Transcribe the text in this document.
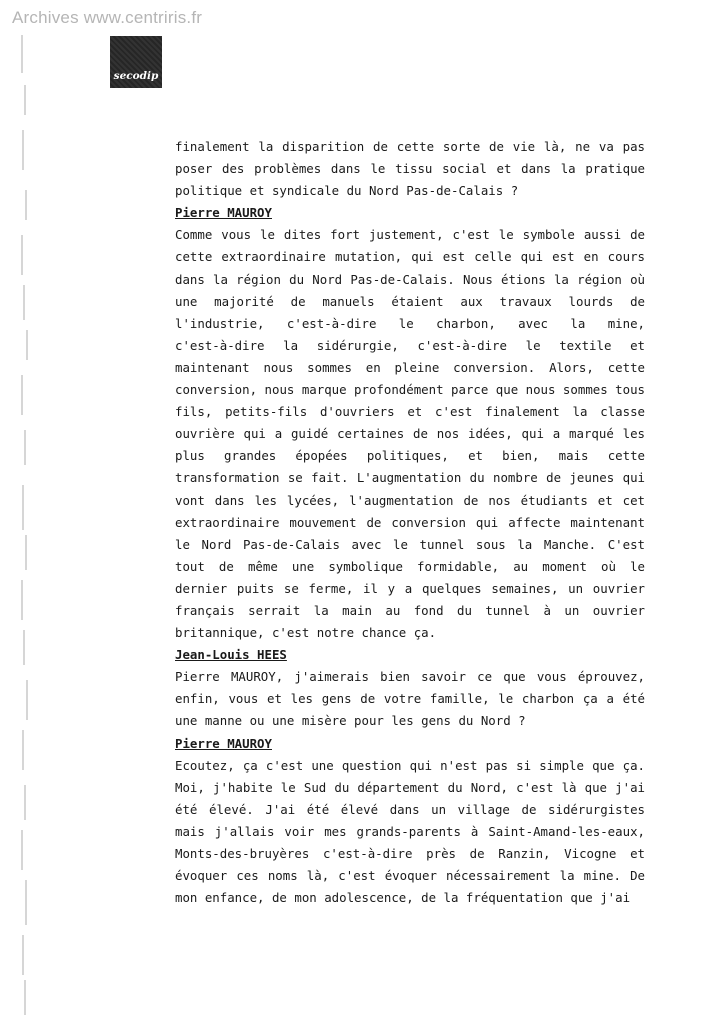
Archives www.centriris.fr
secodip
finalement la disparition de cette sorte de vie là, ne va pas
poser des problèmes dans le tissu social et dans la pratique
politique et syndicale du Nord Pas-de-Calais ?
Pierre MAUROY
Comme vous le dites fort justement, c'est le symbole aussi de
cette extraordinaire mutation, qui est celle qui est en cours
dans la région du Nord Pas-de-Calais. Nous étions la région où
une majorité de manuels étaient aux travaux lourds de
l'industrie, c'est-à-dire le charbon, avec la mine,
c'est-à-dire la sidérurgie, c'est-à-dire le textile et
maintenant nous sommes en pleine conversion. Alors, cette
conversion, nous marque profondément parce que nous sommes tous
fils, petits-fils d'ouvriers et c'est finalement la classe
ouvrière qui a guidé certaines de nos idées, qui a marqué les
plus grandes épopées politiques, et bien, mais cette
transformation se fait. L'augmentation du nombre de jeunes qui
vont dans les lycées, l'augmentation de nos étudiants et cet
extraordinaire mouvement de conversion qui affecte maintenant
le Nord Pas-de-Calais avec le tunnel sous la Manche. C'est
tout de même une symbolique formidable, au moment où le
dernier puits se ferme, il y a quelques semaines, un ouvrier
français serrait la main au fond du tunnel à un ouvrier
britannique, c'est notre chance ça.
Jean-Louis HEES
Pierre MAUROY, j'aimerais bien savoir ce que vous éprouvez,
enfin, vous et les gens de votre famille, le charbon ça a été
une manne ou une misère pour les gens du Nord ?
Pierre MAUROY
Ecoutez, ça c'est une question qui n'est pas si simple que ça.
Moi, j'habite le Sud du département du Nord, c'est là que j'ai
été élevé. J'ai été élevé dans un village de sidérurgistes
mais j'allais voir mes grands-parents à Saint-Amand-les-eaux,
Monts-des-bruyères c'est-à-dire près de Ranzin, Vicogne et
évoquer ces noms là, c'est évoquer nécessairement la mine. De
mon enfance, de mon adolescence, de la fréquentation que j'ai
